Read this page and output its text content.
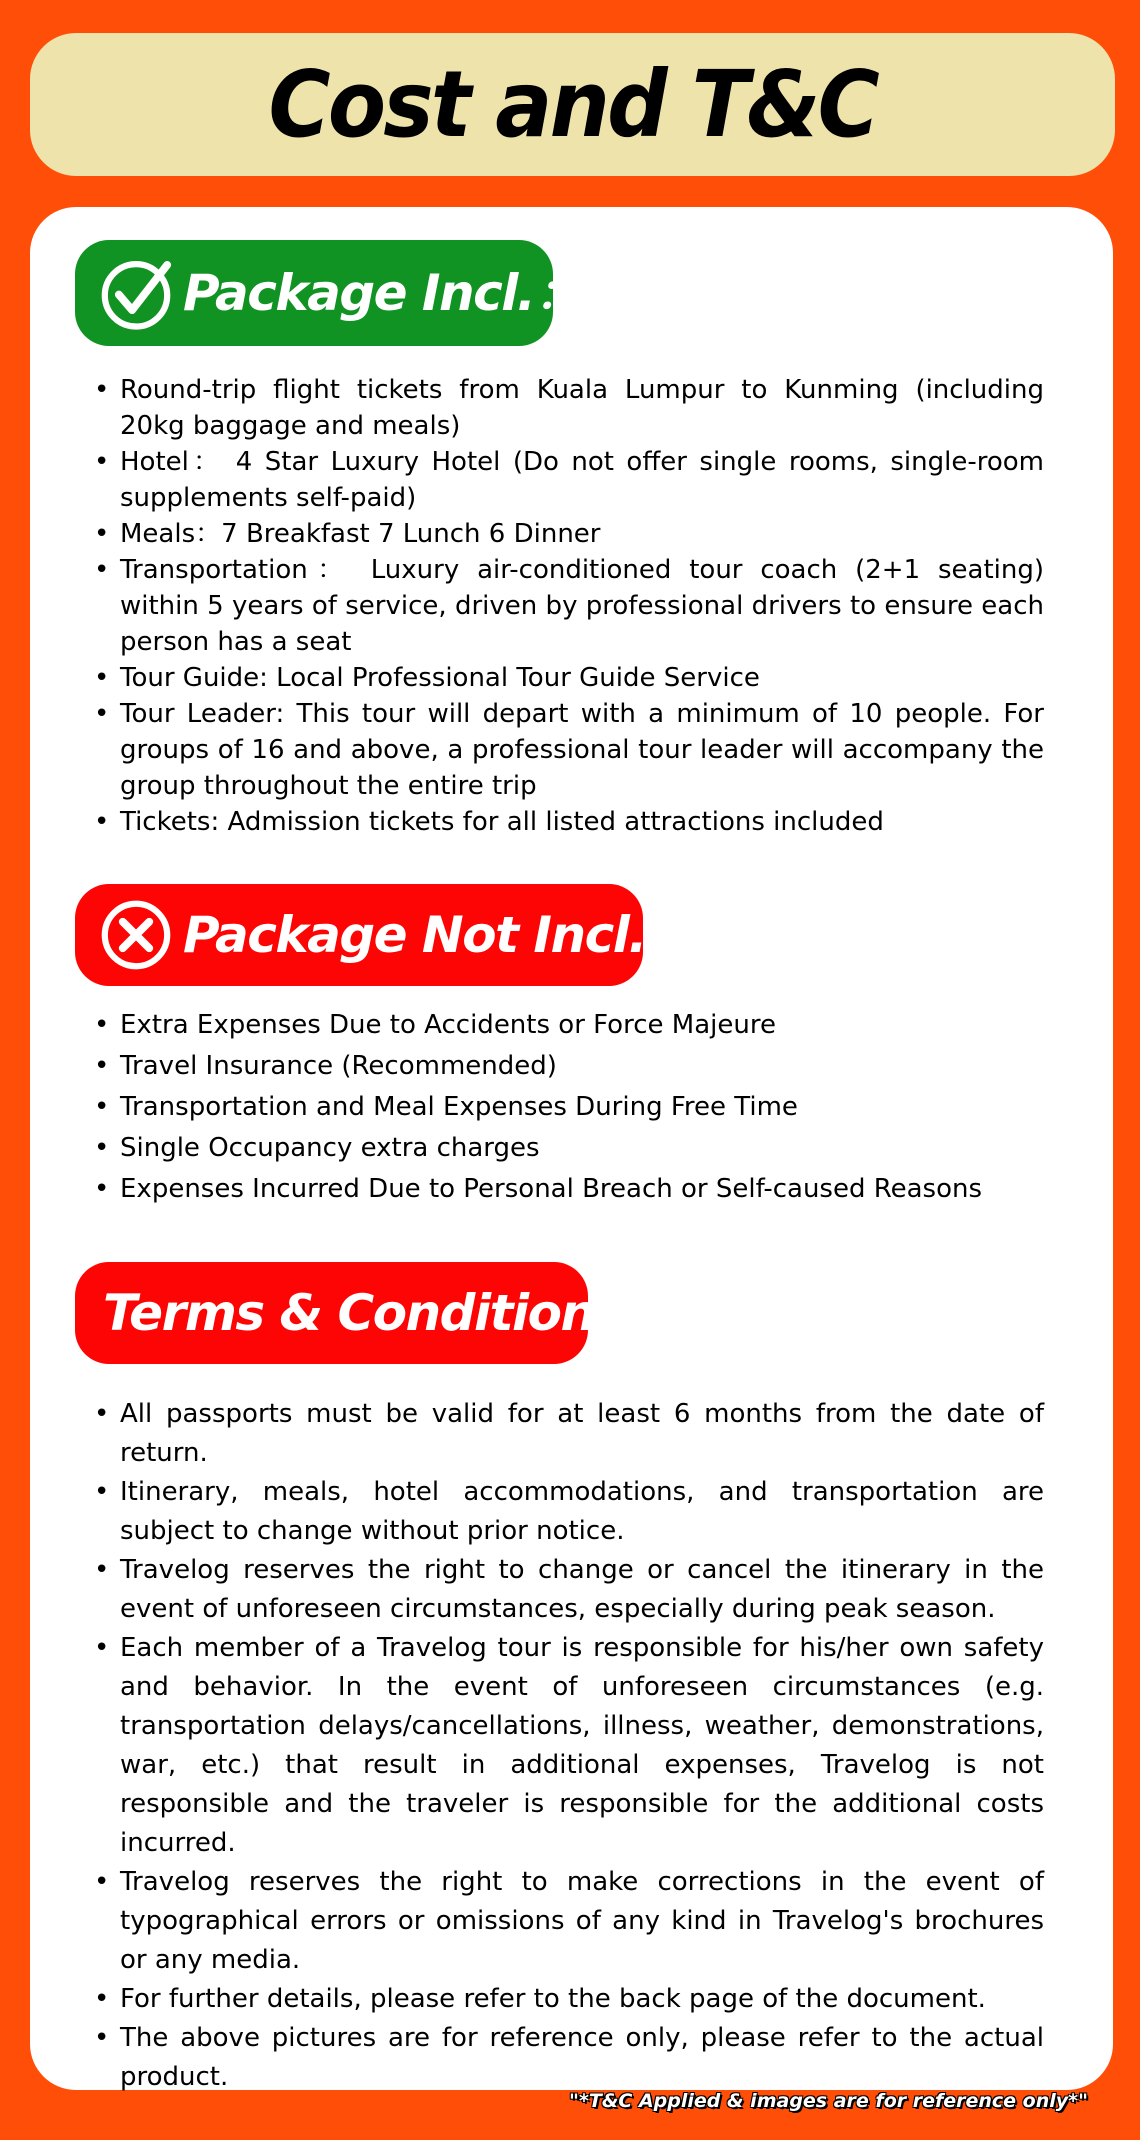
Cost and T&C
Package Incl.：
• Round-trip flight tickets from Kuala Lumpur to Kunming (including 20kg baggage and meals)
• Hotel： 4 Star Luxury Hotel (Do not offer single rooms, single-room supplements self-paid)
• Meals：7 Breakfast 7 Lunch 6 Dinner
• Transportation： Luxury air-conditioned tour coach (2+1 seating) within 5 years of service, driven by professional drivers to ensure each person has a seat
• Tour Guide: Local Professional Tour Guide Service
• Tour Leader: This tour will depart with a minimum of 10 people. For groups of 16 and above, a professional tour leader will accompany the group throughout the entire trip
• Tickets: Admission tickets for all listed attractions included
Package Not Incl.：
• Extra Expenses Due to Accidents or Force Majeure
• Travel Insurance (Recommended)
• Transportation and Meal Expenses During Free Time
• Single Occupancy extra charges
• Expenses Incurred Due to Personal Breach or Self-caused Reasons
Terms & Conditions
• All passports must be valid for at least 6 months from the date of return.
• Itinerary, meals, hotel accommodations, and transportation are subject to change without prior notice.
• Travelog reserves the right to change or cancel the itinerary in the event of unforeseen circumstances, especially during peak season.
• Each member of a Travelog tour is responsible for his/her own safety and behavior. In the event of unforeseen circumstances (e.g. transportation delays/cancellations, illness, weather, demonstrations, war, etc.) that result in additional expenses, Travelog is not responsible and the traveler is responsible for the additional costs incurred.
• Travelog reserves the right to make corrections in the event of typographical errors or omissions of any kind in Travelog's brochures or any media.
• For further details, please refer to the back page of the document.
• The above pictures are for reference only, please refer to the actual product.
"*T&C Applied & images are for reference only*"
